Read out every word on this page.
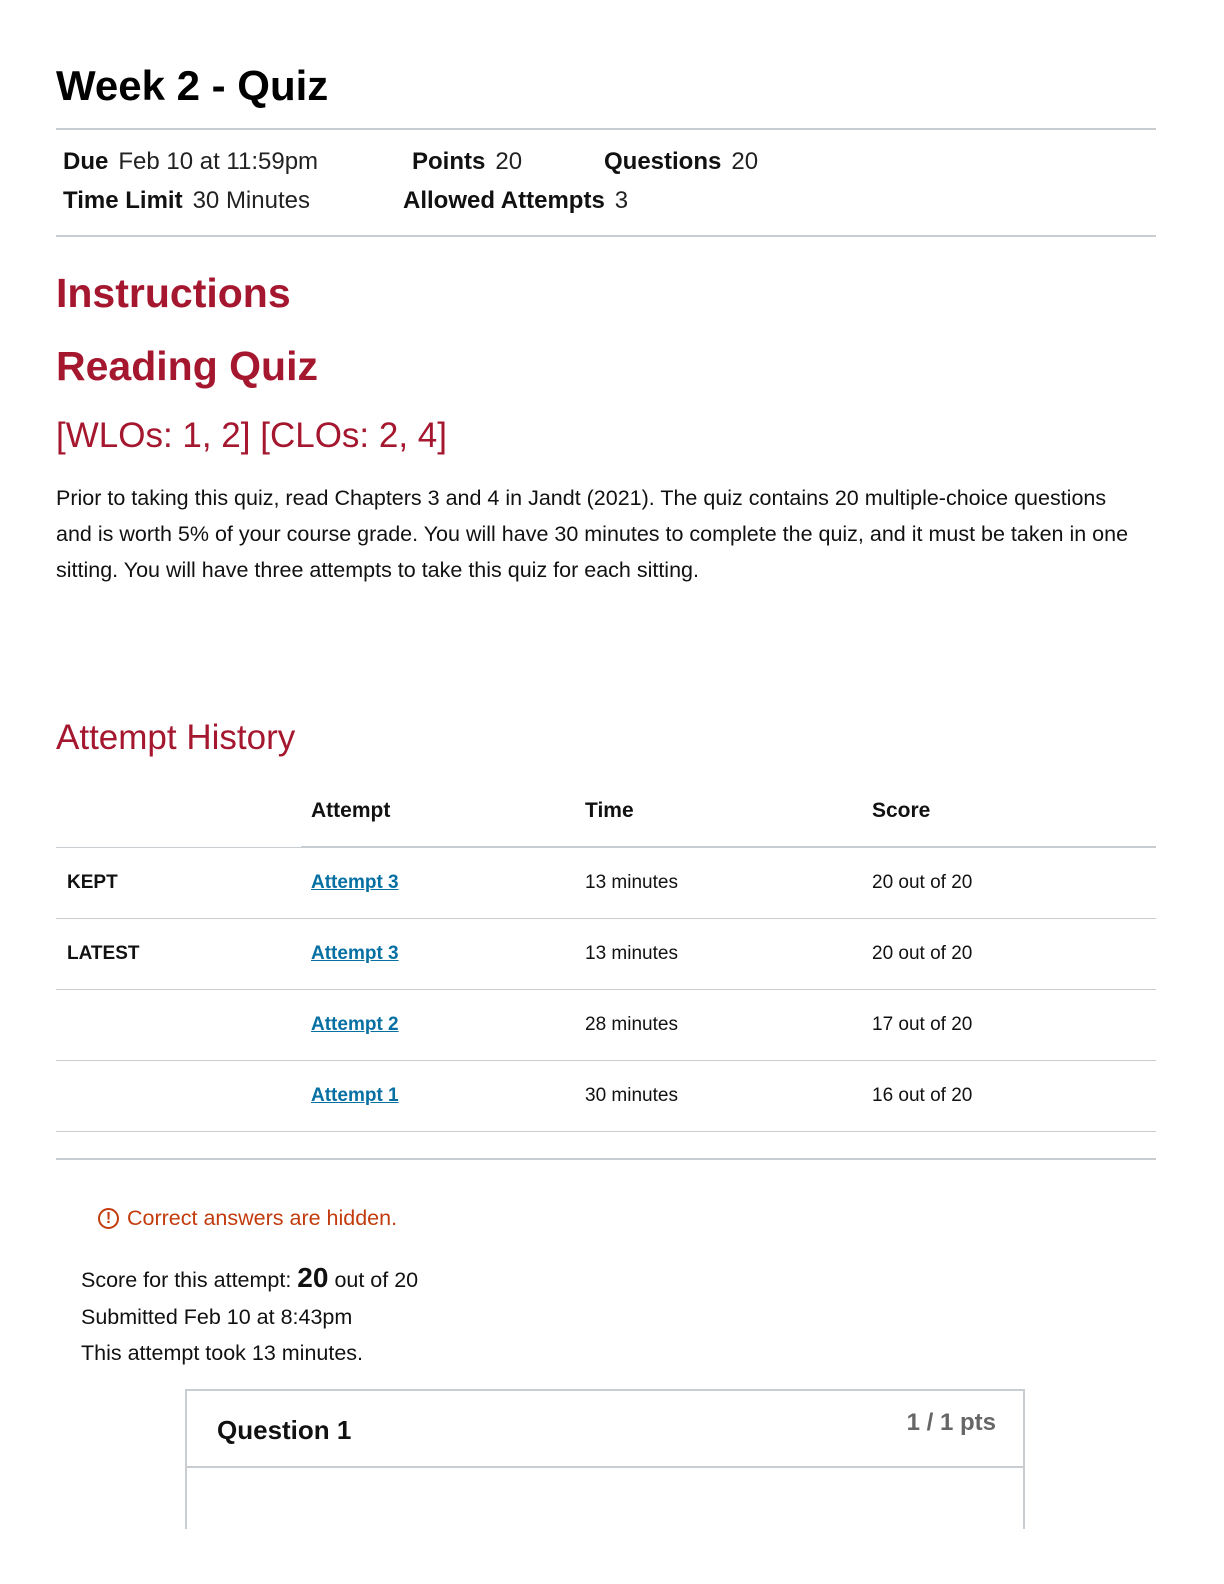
Week 2 - Quiz
Due Feb 10 at 11:59pm	Points 20	Questions 20
Time Limit 30 Minutes	Allowed Attempts 3
Instructions
Reading Quiz
[WLOs: 1, 2] [CLOs: 2, 4]

Prior to taking this quiz, read Chapters 3 and 4 in Jandt (2021). The quiz contains 20 multiple-choice questions and is worth 5% of your course grade. You will have 30 minutes to complete the quiz, and it must be taken in one sitting. You will have three attempts to take this quiz for each sitting.

Attempt History
	Attempt	Time	Score
KEPT	Attempt 3	13 minutes	20 out of 20
LATEST	Attempt 3	13 minutes	20 out of 20
	Attempt 2	28 minutes	17 out of 20
	Attempt 1	30 minutes	16 out of 20
! Correct answers are hidden.
Score for this attempt: 20 out of 20
Submitted Feb 10 at 8:43pm
This attempt took 13 minutes.
Question 1	1 / 1 pts
